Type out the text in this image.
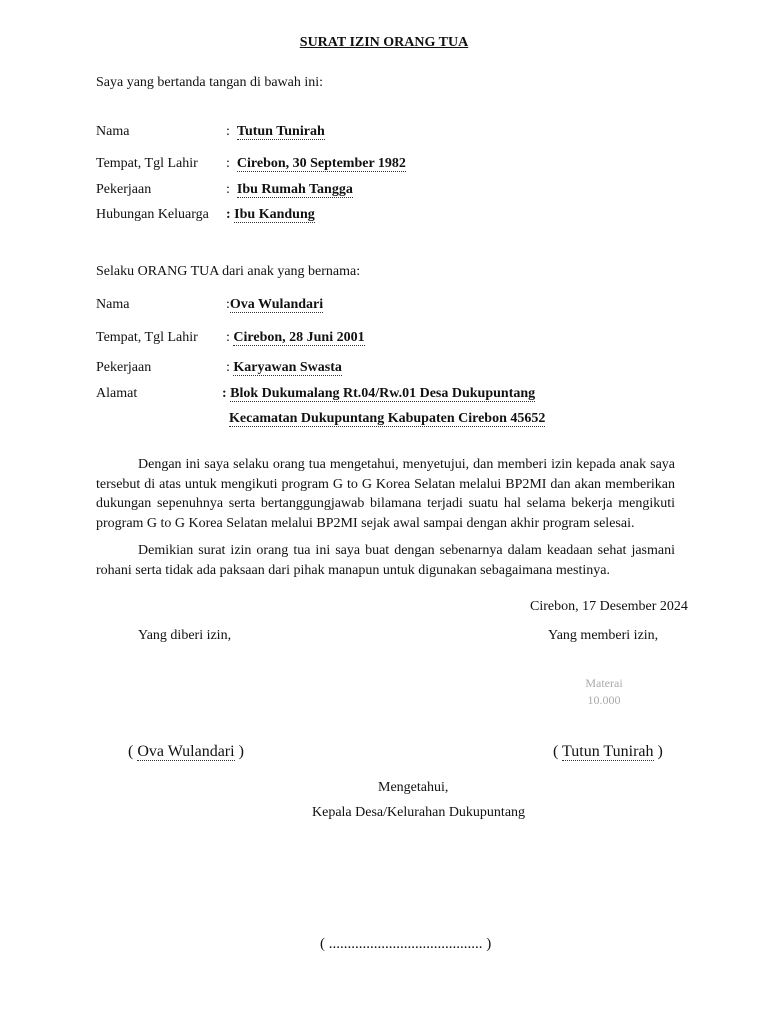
SURAT IZIN ORANG TUA
Saya yang bertanda tangan di bawah ini:
Nama	: Tutun Tunirah
Tempat, Tgl Lahir : Cirebon, 30 September 1982
Pekerjaan	: Ibu Rumah Tangga
Hubungan Keluarga : Ibu Kandung
Selaku ORANG TUA dari anak yang bernama:
Nama	:Ova Wulandari
Tempat, Tgl Lahir : Cirebon, 28 Juni 2001
Pekerjaan	: Karyawan Swasta
Alamat	: Blok Dukumalang Rt.04/Rw.01 Desa Dukupuntang
Kecamatan Dukupuntang Kabupaten Cirebon 45652
Dengan ini saya selaku orang tua mengetahui, menyetujui, dan memberi izin kepada anak saya tersebut di atas untuk mengikuti program G to G Korea Selatan melalui BP2MI dan akan memberikan dukungan sepenuhnya serta bertanggungjawab bilamana terjadi suatu hal selama bekerja mengikuti program G to G Korea Selatan melalui BP2MI sejak awal sampai dengan akhir program selesai.
Demikian surat izin orang tua ini saya buat dengan sebenarnya dalam keadaan sehat jasmani rohani serta tidak ada paksaan dari pihak manapun untuk digunakan sebagaimana mestinya.
Cirebon, 17 Desember 2024
Yang diberi izin,	Yang memberi izin,
Materai
10.000
( Ova Wulandari )	( Tutun Tunirah )
Mengetahui,
Kepala Desa/Kelurahan Dukupuntang
( ......................................... )
